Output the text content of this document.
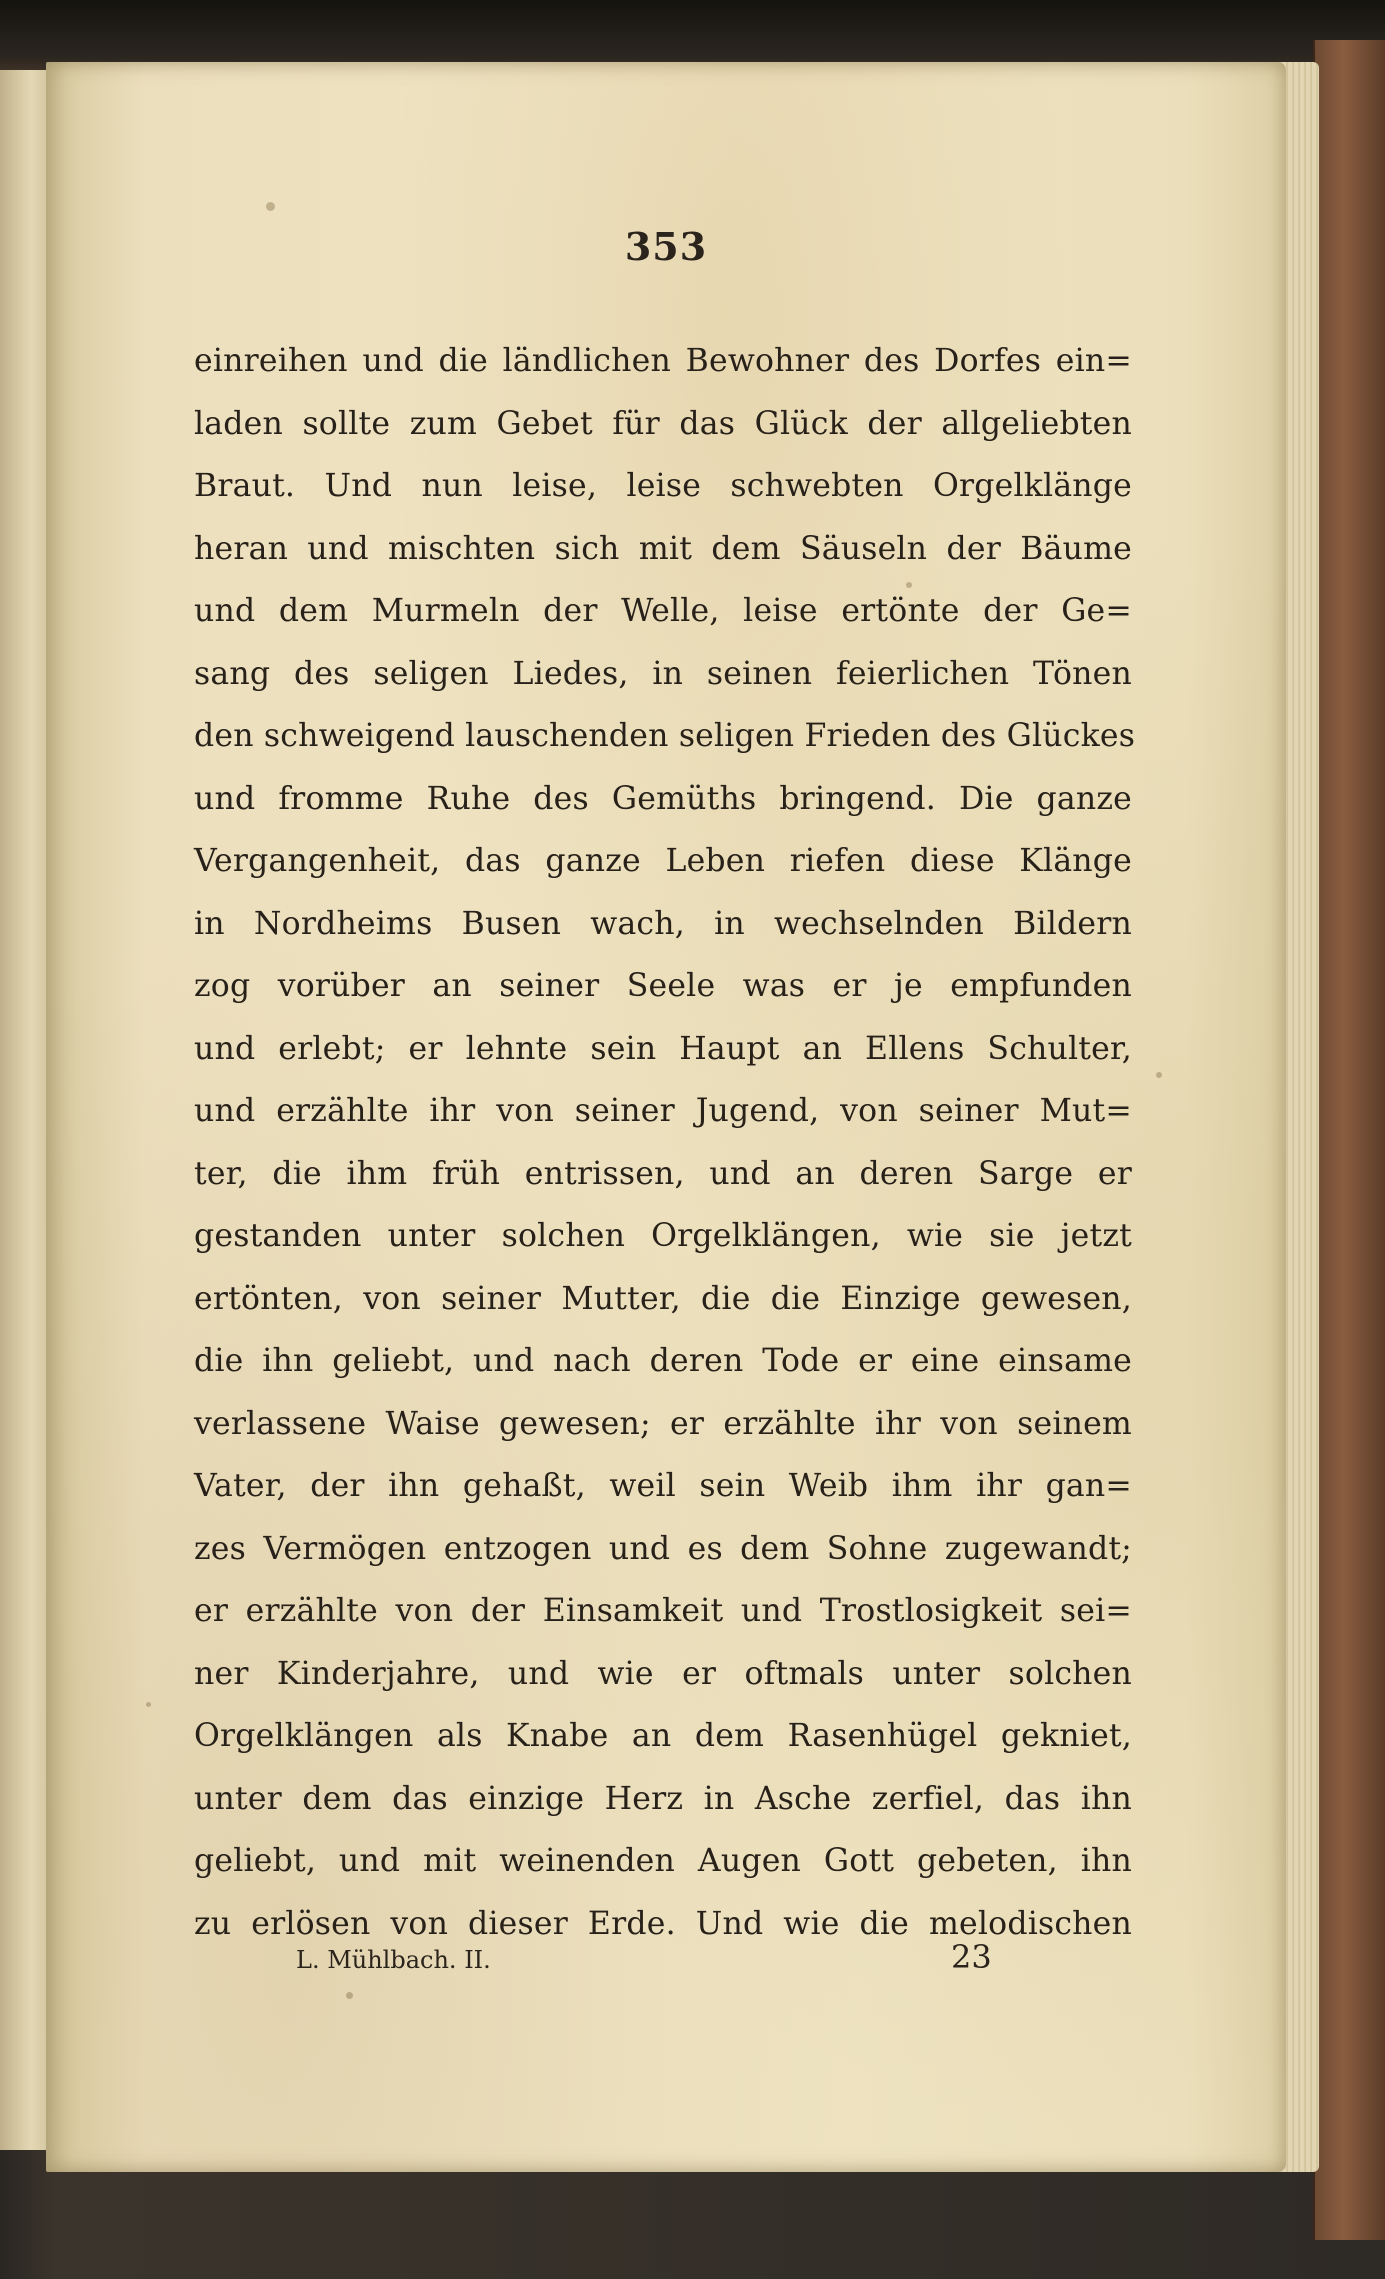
353
einreihen und die ländlichen Bewohner des Dorfes ein=
laden sollte zum Gebet für das Glück der allgeliebten
Braut. Und nun leise, leise schwebten Orgelklänge
heran und mischten sich mit dem Säuseln der Bäume
und dem Murmeln der Welle, leise ertönte der Ge=
sang des seligen Liedes, in seinen feierlichen Tönen
den schweigend lauschenden seligen Frieden des Glückes
und fromme Ruhe des Gemüths bringend. Die ganze
Vergangenheit, das ganze Leben riefen diese Klänge
in Nordheims Busen wach, in wechselnden Bildern
zog vorüber an seiner Seele was er je empfunden
und erlebt; er lehnte sein Haupt an Ellens Schulter,
und erzählte ihr von seiner Jugend, von seiner Mut=
ter, die ihm früh entrissen, und an deren Sarge er
gestanden unter solchen Orgelklängen, wie sie jetzt
ertönten, von seiner Mutter, die die Einzige gewesen,
die ihn geliebt, und nach deren Tode er eine einsame
verlassene Waise gewesen; er erzählte ihr von seinem
Vater, der ihn gehaßt, weil sein Weib ihm ihr gan=
zes Vermögen entzogen und es dem Sohne zugewandt;
er erzählte von der Einsamkeit und Trostlosigkeit sei=
ner Kinderjahre, und wie er oftmals unter solchen
Orgelklängen als Knabe an dem Rasenhügel gekniet,
unter dem das einzige Herz in Asche zerfiel, das ihn
geliebt, und mit weinenden Augen Gott gebeten, ihn
zu erlösen von dieser Erde. Und wie die melodischen
L. Mühlbach. II.	23
